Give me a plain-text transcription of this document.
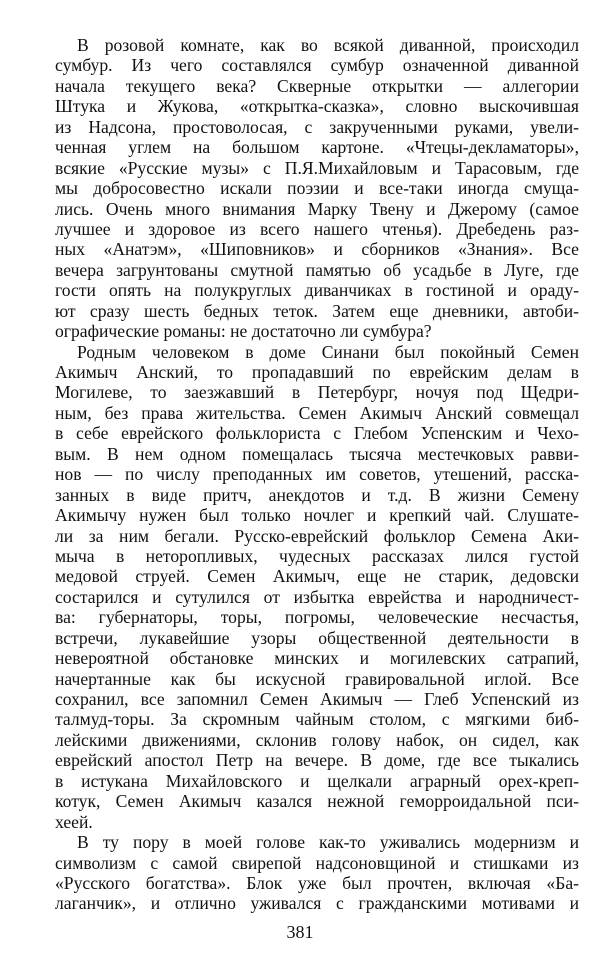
В розовой комнате, как во всякой диванной, происходил
сумбур. Из чего составлялся сумбур означенной диванной
начала текущего века? Скверные открытки — аллегории
Штука и Жукова, «открытка-сказка», словно выскочившая
из Надсона, простоволосая, с закрученными руками, увели-
ченная углем на большом картоне. «Чтецы-декламаторы»,
всякие «Русские музы» с П.Я.Михайловым и Тарасовым, где
мы добросовестно искали поэзии и все-таки иногда смуща-
лись. Очень много внимания Марку Твену и Джерому (самое
лучшее и здоровое из всего нашего чтенья). Дребедень раз-
ных «Анатэм», «Шиповников» и сборников «Знания». Все
вечера загрунтованы смутной памятью об усадьбе в Луге, где
гости опять на полукруглых диванчиках в гостиной и ораду-
ют сразу шесть бедных теток. Затем еще дневники, автоби-
ографические романы: не достаточно ли сумбура?
Родным человеком в доме Синани был покойный Семен
Акимыч Анский, то пропадавший по еврейским делам в
Могилеве, то заезжавший в Петербург, ночуя под Щедри-
ным, без права жительства. Семен Акимыч Анский совмещал
в себе еврейского фольклориста с Глебом Успенским и Чехо-
вым. В нем одном помещалась тысяча местечковых равви-
нов — по числу преподанных им советов, утешений, расска-
занных в виде притч, анекдотов и т.д. В жизни Семену
Акимычу нужен был только ночлег и крепкий чай. Слушате-
ли за ним бегали. Русско-еврейский фольклор Семена Аки-
мыча в неторопливых, чудесных рассказах лился густой
медовой струей. Семен Акимыч, еще не старик, дедовски
состарился и сутулился от избытка еврейства и народничест-
ва: губернаторы, торы, погромы, человеческие несчастья,
встречи, лукавейшие узоры общественной деятельности в
невероятной обстановке минских и могилевских сатрапий,
начертанные как бы искусной гравировальной иглой. Все
сохранил, все запомнил Семен Акимыч — Глеб Успенский из
талмуд-торы. За скромным чайным столом, с мягкими биб-
лейскими движениями, склонив голову набок, он сидел, как
еврейский апостол Петр на вечере. В доме, где все тыкались
в истукана Михайловского и щелкали аграрный орех-креп-
котук, Семен Акимыч казался нежной геморроидальной пси-
хеей.
В ту пору в моей голове как-то уживались модернизм и
символизм с самой свирепой надсоновщиной и стишками из
«Русского богатства». Блок уже был прочтен, включая «Ба-
лаганчик», и отлично уживался с гражданскими мотивами и
381
